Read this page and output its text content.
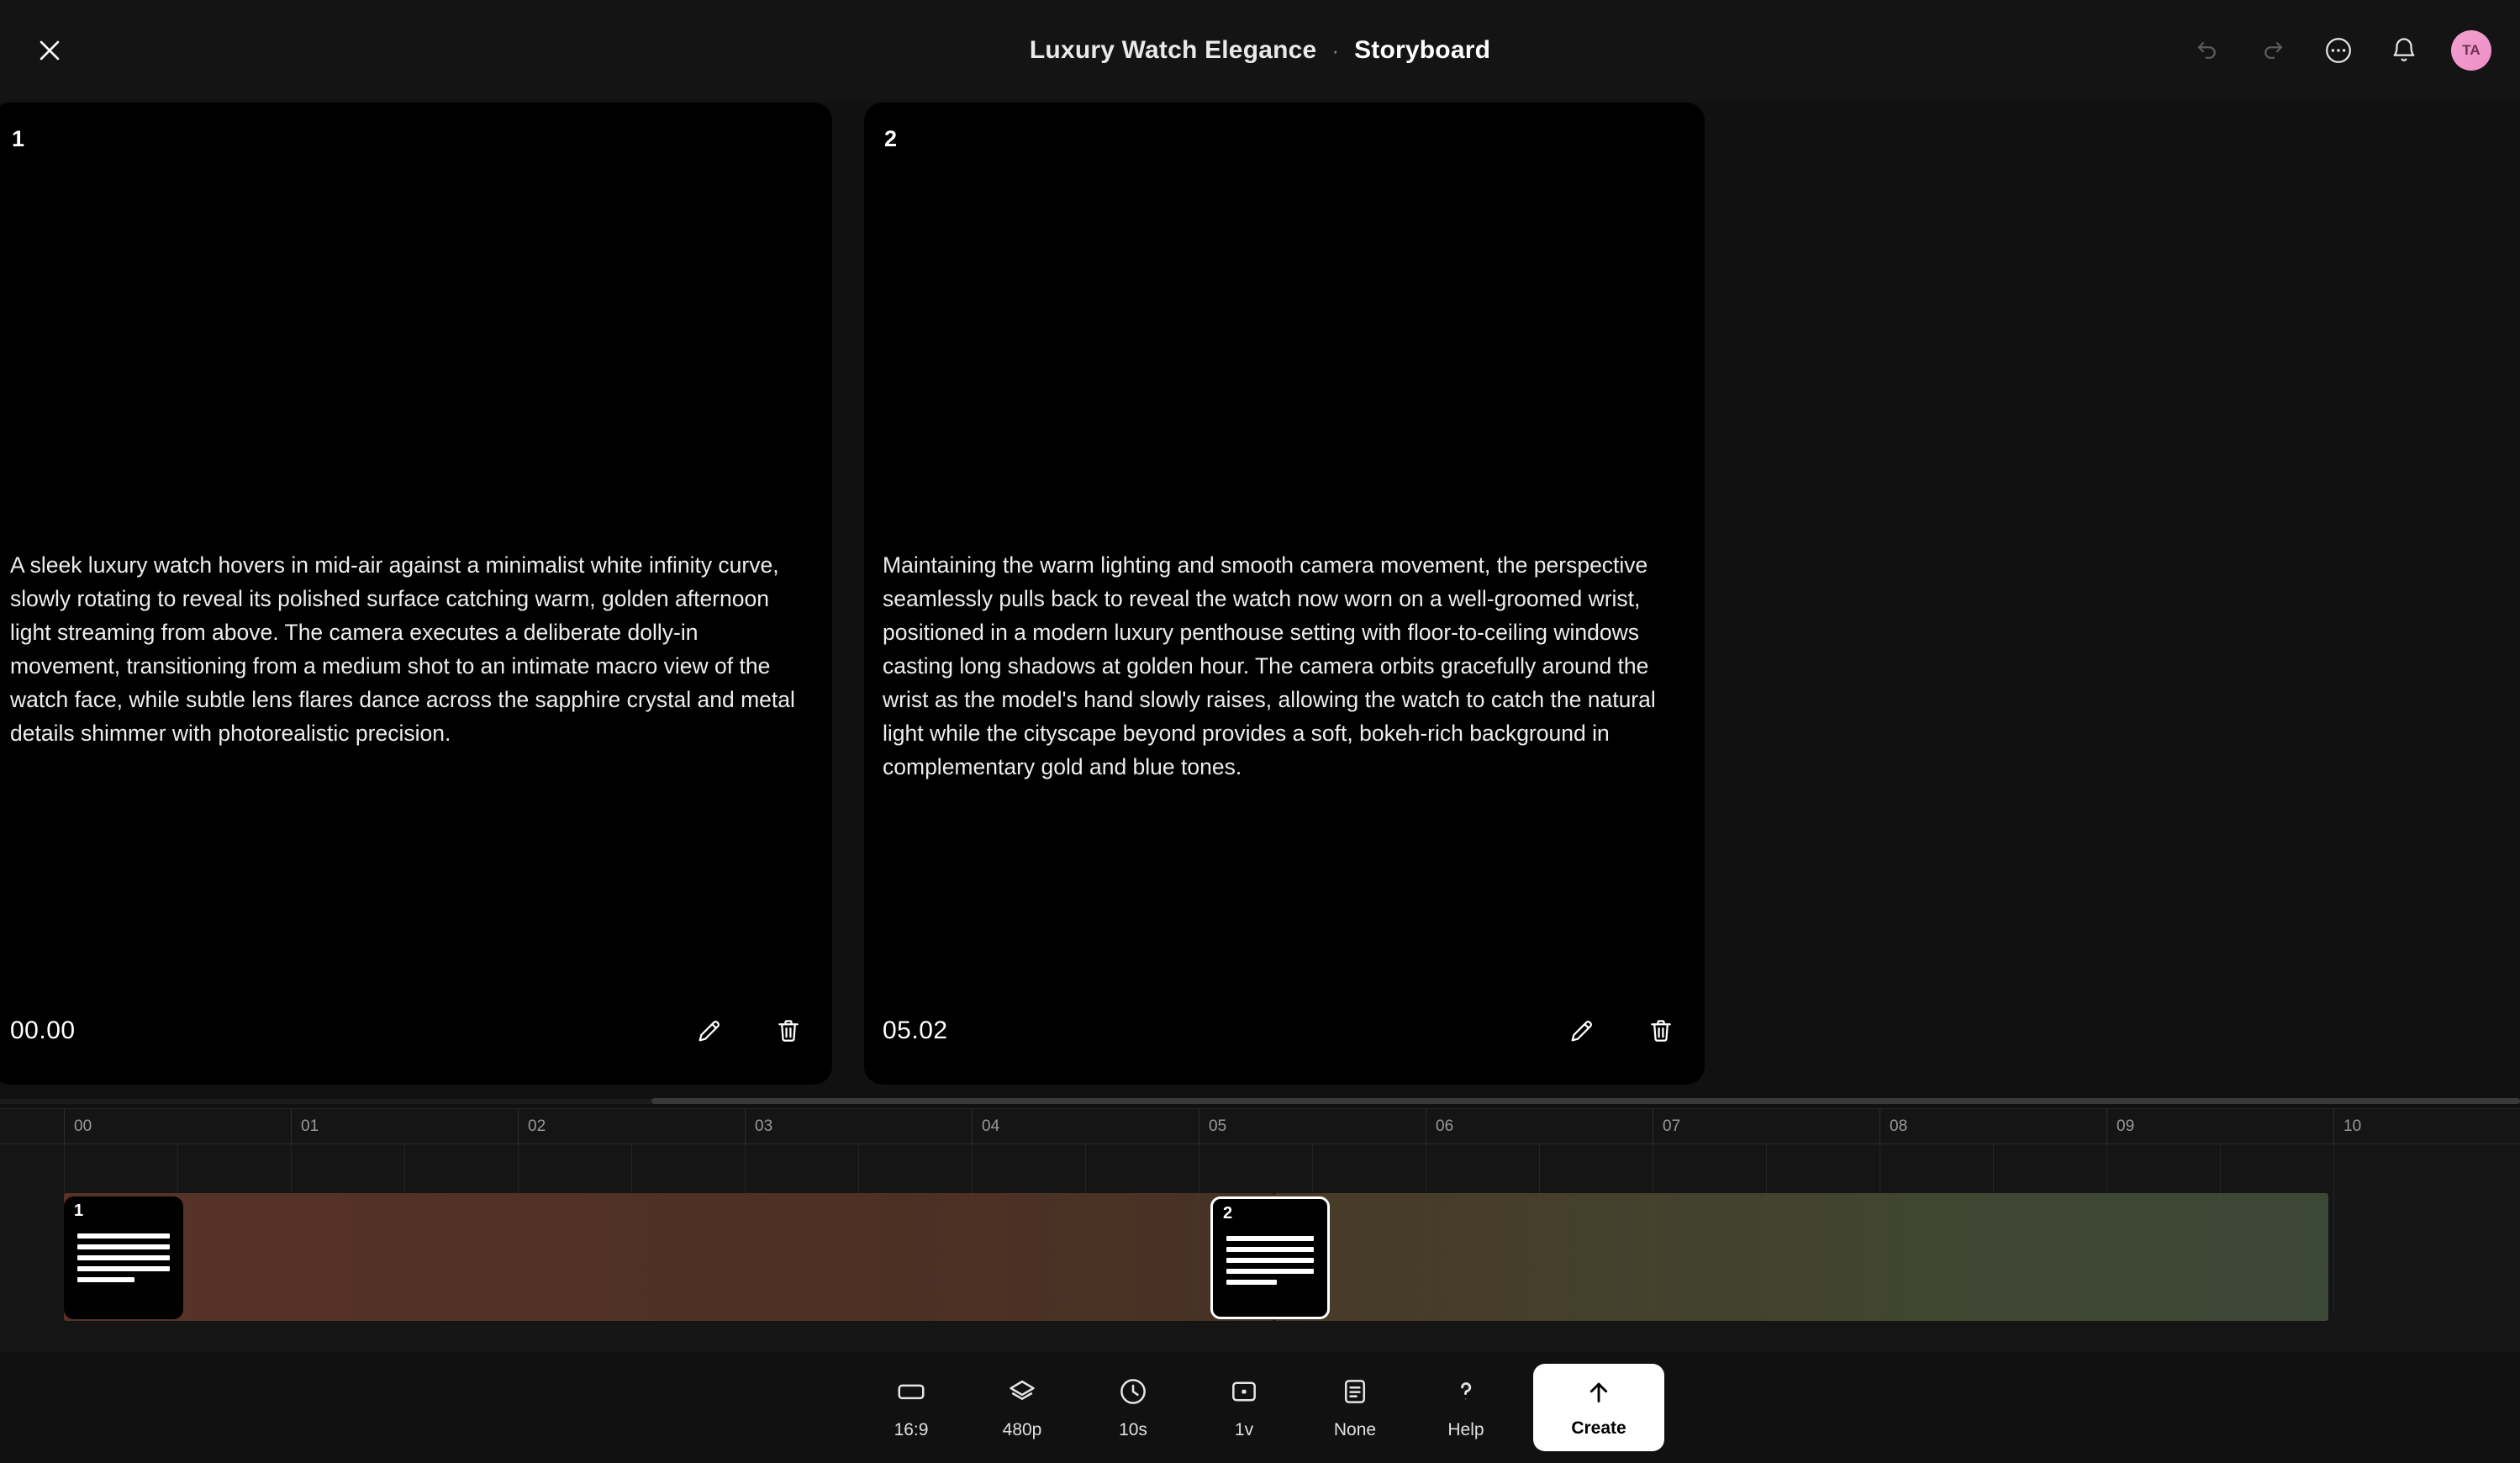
Luxury Watch Elegance · Storyboard	TA
1
A sleek luxury watch hovers in mid-air against a minimalist white infinity curve, slowly rotating to reveal its polished surface catching warm, golden afternoon light streaming from above. The camera executes a deliberate dolly-in movement, transitioning from a medium shot to an intimate macro view of the watch face, while subtle lens flares dance across the sapphire crystal and metal details shimmer with photorealistic precision.
00.00
2
Maintaining the warm lighting and smooth camera movement, the perspective seamlessly pulls back to reveal the watch now worn on a well-groomed wrist, positioned in a modern luxury penthouse setting with floor-to-ceiling windows casting long shadows at golden hour. The camera orbits gracefully around the wrist as the model's hand slowly raises, allowing the watch to catch the natural light while the cityscape beyond provides a soft, bokeh-rich background in complementary gold and blue tones.
05.02
00	01	02	03	04	05	06	07	08	09	10
1	2
16:9	480p	10s	1v	None	Help	Create
